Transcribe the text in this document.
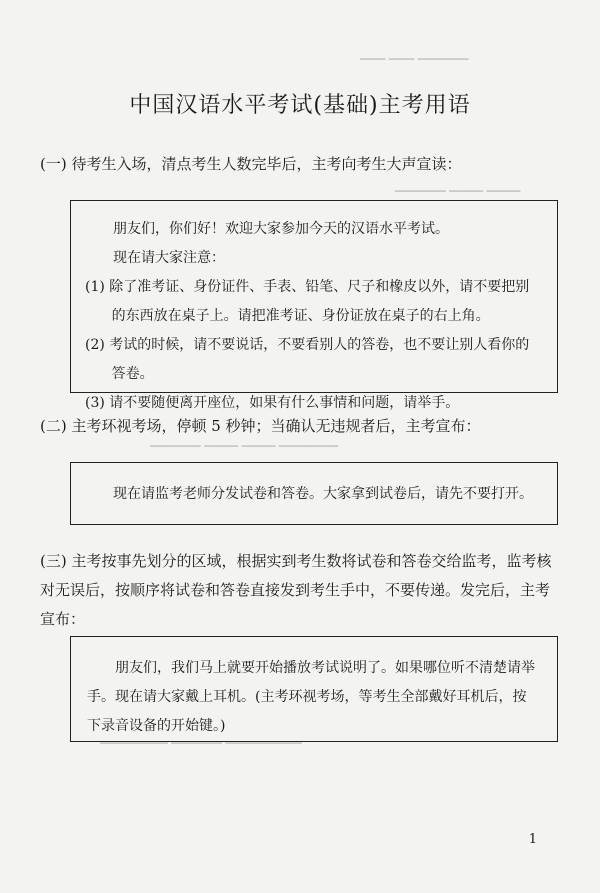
▁▁▁ ▁▁▁ ▁▁▁▁▁▁
▁▁▁▁▁▁ ▁▁▁▁ ▁▁▁▁
▁▁▁▁▁▁ ▁▁▁▁ ▁▁▁▁ ▁▁▁▁▁▁▁
▁▁▁▁▁▁▁▁ ▁▁▁▁▁▁ ▁▁▁▁▁▁▁▁▁
中国汉语水平考试(基础)主考用语
(一) 待考生入场，清点考生人数完毕后，主考向考生大声宣读：

朋友们，你们好！欢迎大家参加今天的汉语水平考试。

现在请大家注意：

(1) 除了准考证、身份证件、手表、铅笔、尺子和橡皮以外，请不要把别的东西放在桌子上。请把准考证、身份证放在桌子的右上角。

(2) 考试的时候，请不要说话，不要看别人的答卷，也不要让别人看你的答卷。

(3) 请不要随便离开座位，如果有什么事情和问题，请举手。

(二) 主考环视考场，停顿 5 秒钟；当确认无违规者后，主考宣布：

现在请监考老师分发试卷和答卷。大家拿到试卷后，请先不要打开。

(三) 主考按事先划分的区域，根据实到考生数将试卷和答卷交给监考，监考核对无误后，按顺序将试卷和答卷直接发到考生手中，不要传递。发完后，主考宣布：

朋友们，我们马上就要开始播放考试说明了。如果哪位听不清楚请举手。现在请大家戴上耳机。(主考环视考场，等考生全部戴好耳机后，按下录音设备的开始键。)

1
